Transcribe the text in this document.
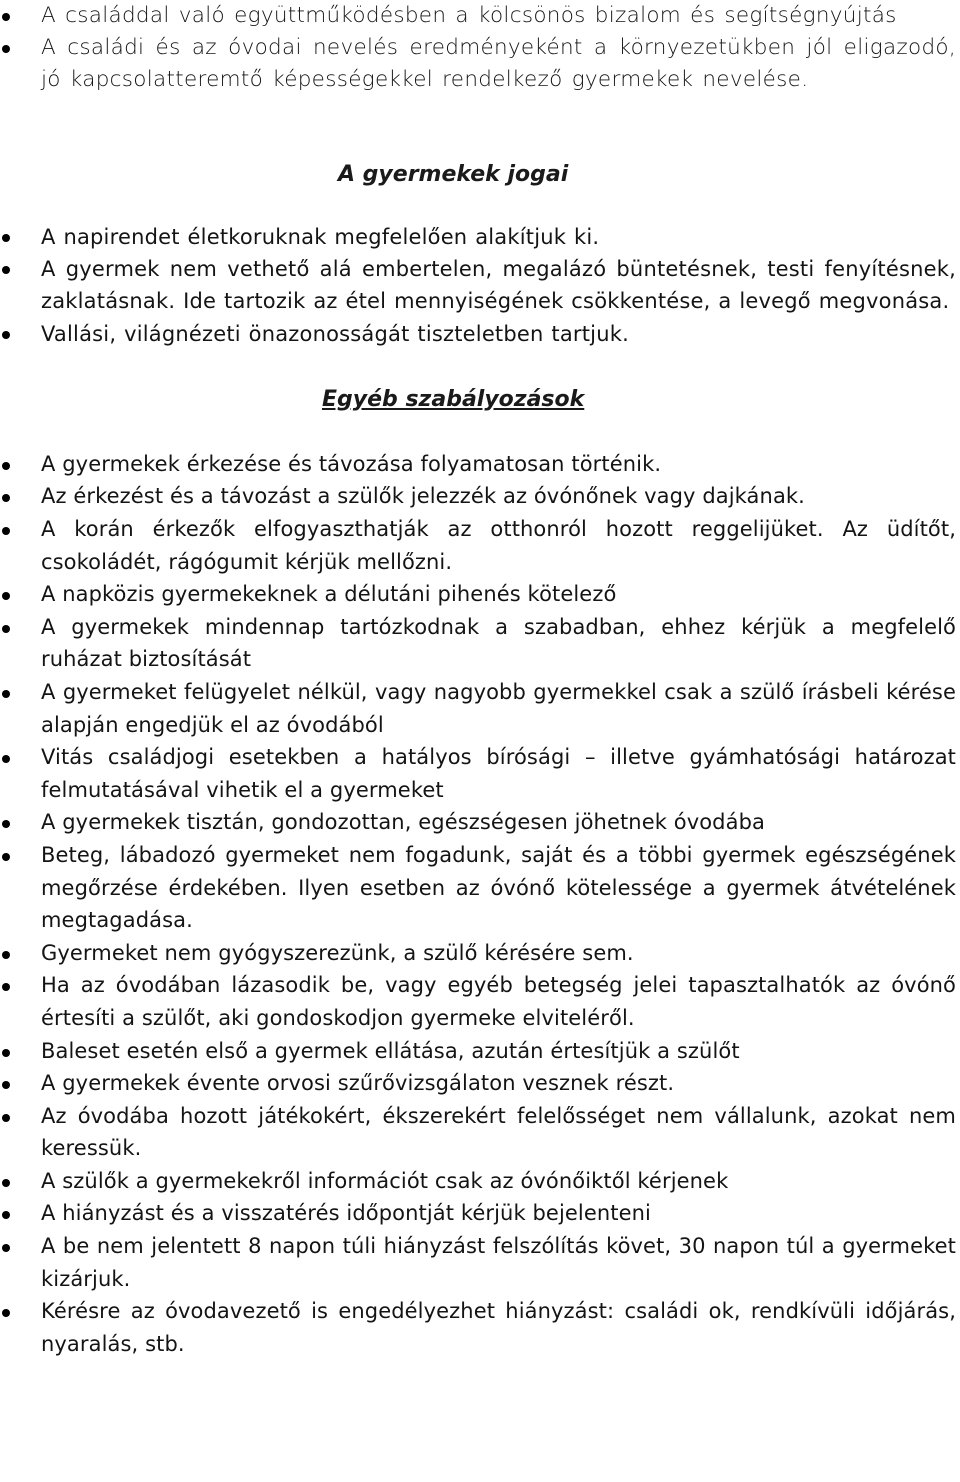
A családdal való együttműködésben a kölcsönös bizalom és segítségnyújtás
A családi és az óvodai nevelés eredményeként a környezetükben jól eligazodó, jó kapcsolatteremtő képességekkel rendelkező gyermekek nevelése.
A gyermekek jogai
A napirendet életkoruknak megfelelően alakítjuk ki.
A gyermek nem vethető alá embertelen, megalázó büntetésnek, testi fenyítésnek, zaklatásnak. Ide tartozik az étel mennyiségének csökkentése, a levegő megvonása.
Vallási, világnézeti önazonosságát tiszteletben tartjuk.
Egyéb szabályozások
A gyermekek érkezése és távozása folyamatosan történik.
Az érkezést és a távozást a szülők jelezzék az óvónőnek vagy dajkának.
A korán érkezők elfogyaszthatják az otthonról hozott reggelijüket. Az üdítőt, csokoládét, rágógumit kérjük mellőzni.
A napközis gyermekeknek a délutáni pihenés kötelező
A gyermekek mindennap tartózkodnak a szabadban, ehhez kérjük a megfelelő ruházat biztosítását
A gyermeket felügyelet nélkül, vagy nagyobb gyermekkel csak a szülő írásbeli kérése alapján engedjük el az óvodából
Vitás családjogi esetekben a hatályos bírósági – illetve gyámhatósági határozat felmutatásával vihetik el a gyermeket
A gyermekek tisztán, gondozottan, egészségesen jöhetnek óvodába
Beteg, lábadozó gyermeket nem fogadunk, saját és a többi gyermek egészségének megőrzése érdekében. Ilyen esetben az óvónő kötelessége a gyermek átvételének megtagadása.
Gyermeket nem gyógyszerezünk, a szülő kérésére sem.
Ha az óvodában lázasodik be, vagy egyéb betegség jelei tapasztalhatók az óvónő értesíti a szülőt, aki gondoskodjon gyermeke elviteléről.
Baleset esetén első a gyermek ellátása, azután értesítjük a szülőt
A gyermekek évente orvosi szűrővizsgálaton vesznek részt.
Az óvodába hozott játékokért, ékszerekért felelősséget nem vállalunk, azokat nem keressük.
A szülők a gyermekekről információt csak az óvónőiktől kérjenek
A hiányzást és a visszatérés időpontját kérjük bejelenteni
A be nem jelentett 8 napon túli hiányzást felszólítás követ, 30 napon túl a gyermeket kizárjuk.
Kérésre az óvodavezető is engedélyezhet hiányzást: családi ok, rendkívüli időjárás, nyaralás, stb.
